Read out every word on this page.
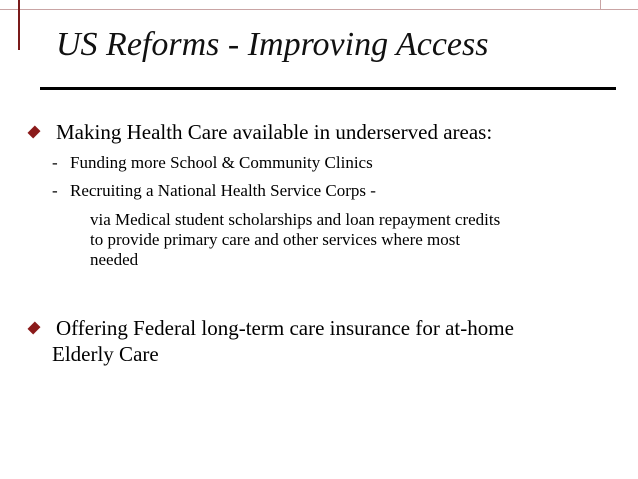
US Reforms - Improving Access
Making Health Care available in underserved areas:
- Funding more School & Community Clinics
- Recruiting a National Health Service Corps -
via Medical student scholarships and loan repayment credits
to provide primary care and other services where most
needed
Offering Federal long-term care insurance for at-home
Elderly Care
